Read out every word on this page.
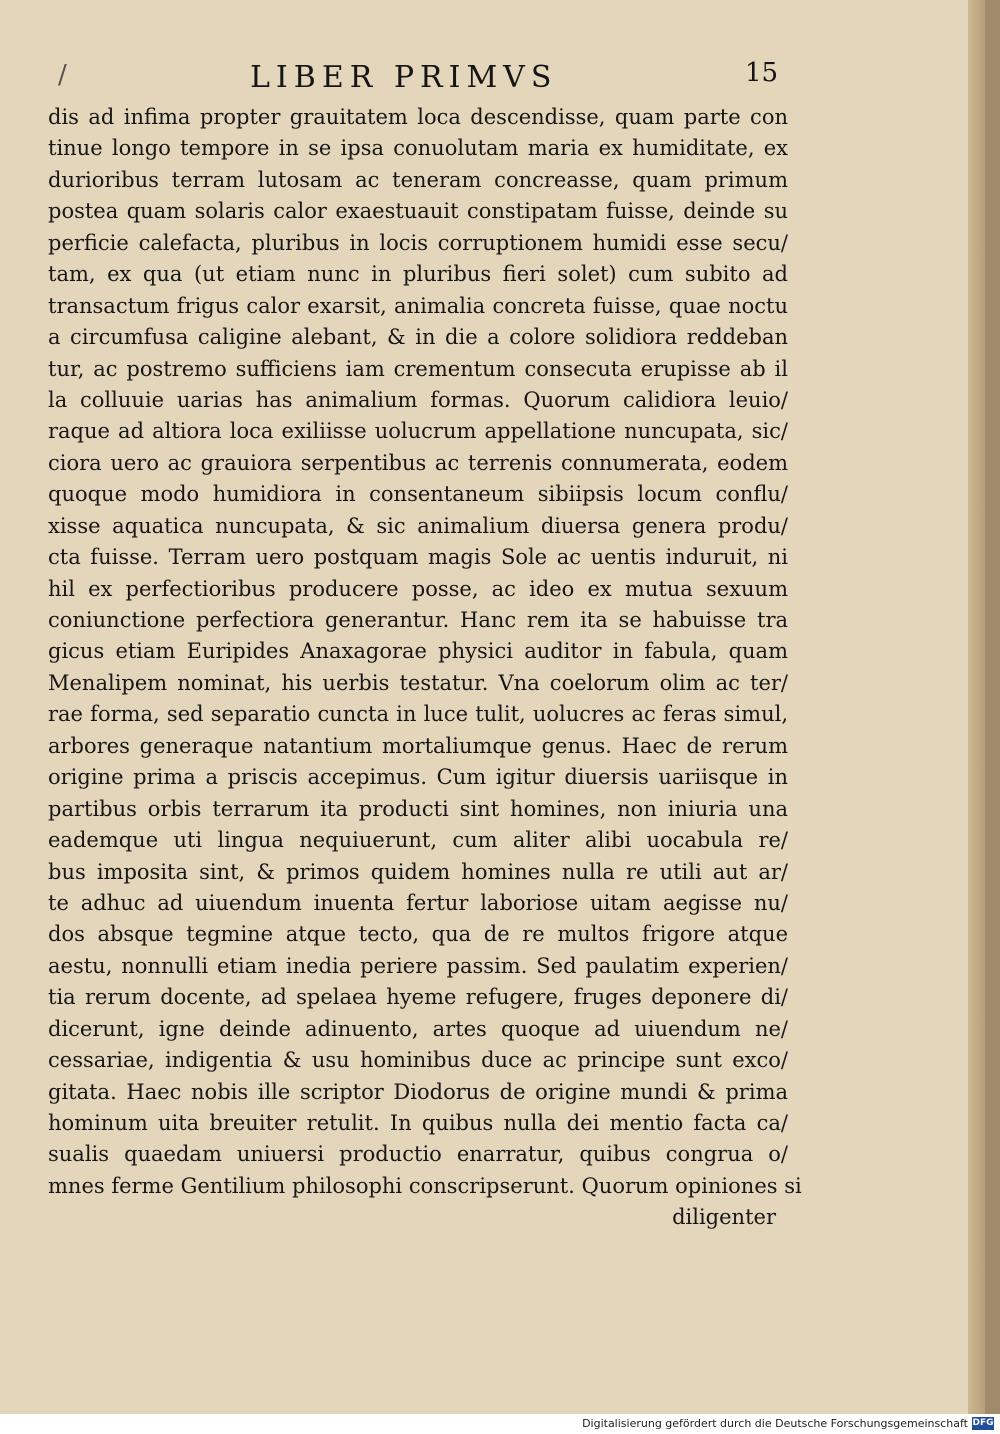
/	LIBER PRIMVS	15
dis ad infima propter grauitatem loca descendisse, quam parte con
tinue longo tempore in se ipsa conuolutam maria ex humiditate, ex
durioribus terram lutosam ac teneram concreasse, quam primum
postea quam solaris calor exaestuauit constipatam fuisse, deinde su
perficie calefacta, pluribus in locis corruptionem humidi esse secu/
tam, ex qua (ut etiam nunc in pluribus fieri solet) cum subito ad
transactum frigus calor exarsit, animalia concreta fuisse, quae noctu
a circumfusa caligine alebant, & in die a colore solidiora reddeban
tur, ac postremo sufficiens iam crementum consecuta erupisse ab il
la colluuie uarias has animalium formas. Quorum calidiora leuio/
raque ad altiora loca exiliisse uolucrum appellatione nuncupata, sic/
ciora uero ac grauiora serpentibus ac terrenis connumerata, eodem
quoque modo humidiora in consentaneum sibiipsis locum conflu/
xisse aquatica nuncupata, & sic animalium diuersa genera produ/
cta fuisse. Terram uero postquam magis Sole ac uentis induruit, ni
hil ex perfectioribus producere posse, ac ideo ex mutua sexuum
coniunctione perfectiora generantur. Hanc rem ita se habuisse tra
gicus etiam Euripides Anaxagorae physici auditor in fabula, quam
Menalipem nominat, his uerbis testatur. Vna coelorum olim ac ter/
rae forma, sed separatio cuncta in luce tulit, uolucres ac feras simul,
arbores generaque natantium mortaliumque genus. Haec de rerum
origine prima a priscis accepimus. Cum igitur diuersis uariisque in
partibus orbis terrarum ita producti sint homines, non iniuria una
eademque uti lingua nequiuerunt, cum aliter alibi uocabula re/
bus imposita sint, & primos quidem homines nulla re utili aut ar/
te adhuc ad uiuendum inuenta fertur laboriose uitam aegisse nu/
dos absque tegmine atque tecto, qua de re multos frigore atque
aestu, nonnulli etiam inedia periere passim. Sed paulatim experien/
tia rerum docente, ad spelaea hyeme refugere, fruges deponere di/
dicerunt, igne deinde adinuento, artes quoque ad uiuendum ne/
cessariae, indigentia & usu hominibus duce ac principe sunt exco/
gitata. Haec nobis ille scriptor Diodorus de origine mundi & prima
hominum uita breuiter retulit. In quibus nulla dei mentio facta ca/
sualis quaedam uniuersi productio enarratur, quibus congrua o/
mnes ferme Gentilium philosophi conscripserunt. Quorum opiniones si
diligenter
Digitalisierung gefördert durch die Deutsche Forschungsgemeinschaft DFG
